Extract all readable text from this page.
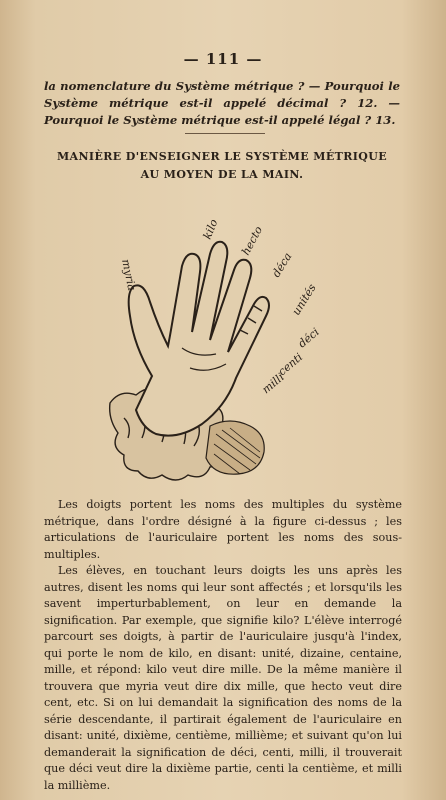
— 111 —
la nomenclature du Système métrique ? — Pourquoi le Système métrique est-il appelé décimal ? 12. — Pourquoi le Système métrique est-il appelé légal ? 13.
MANIÈRE D'ENSEIGNER LE SYSTÈME MÉTRIQUE
AU MOYEN DE LA MAIN.
myria
kilo hecto
déca
unités
déci
centi
milli

Les doigts portent les noms des multiples du système métrique, dans l'ordre désigné à la figure ci-dessus ; les articulations de l'auriculaire portent les noms des sous-multiples.

Les élèves, en touchant leurs doigts les uns après les autres, disent les noms qui leur sont affectés ; et lorsqu'ils les savent imperturbablement, on leur en demande la signification. Par exemple, que signifie kilo? L'élève interrogé parcourt ses doigts, à partir de l'auriculaire jusqu'à l'index, qui porte le nom de kilo, en disant: unité, dizaine, centaine, mille, et répond: kilo veut dire mille. De la même manière il trouvera que myria veut dire dix mille, que hecto veut dire cent, etc. Si on lui demandait la signification des noms de la série descendante, il partirait également de l'auriculaire en disant: unité, dixième, centième, millième; et suivant qu'on lui demanderait la signification de déci, centi, milli, il trouverait que déci veut dire la dixième partie, centi la centième, et milli la millième.
